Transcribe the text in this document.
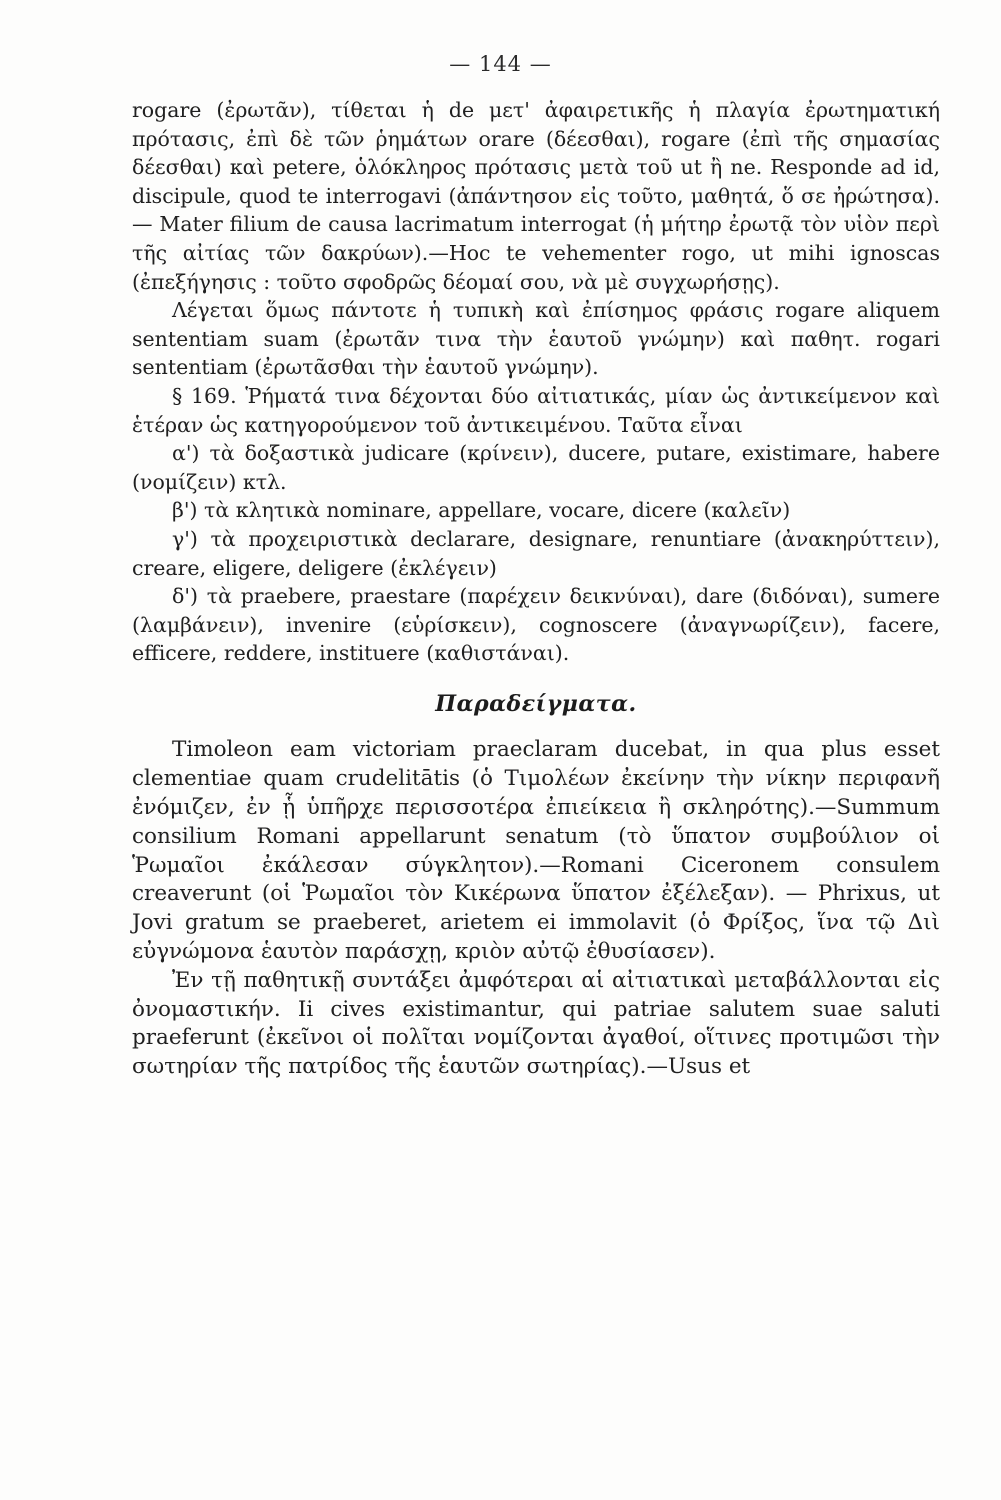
— 144 —

rogare (ἐρωτᾶν), τίθεται ἡ de μετ' ἀφαιρετικῆς ἡ πλαγία ἐρωτηματική πρότασις, ἐπὶ δὲ τῶν ῥημάτων orare (δέεσθαι), rogare (ἐπὶ τῆς σημασίας δέεσθαι) καὶ petere, ὁλόκληρος πρότασις μετὰ τοῦ ut ἢ ne. Responde ad id, discipule, quod te interrogavi (ἀπάντησον εἰς τοῦτο, μαθητά, ὅ σε ἠρώτησα). — Mater filium de causa lacrimatum interrogat (ἡ μήτηρ ἐρωτᾷ τὸν υἱὸν περὶ τῆς αἰτίας τῶν δακρύων).—Hoc te vehementer rogo, ut mihi ignoscas (ἐπεξήγησις : τοῦτο σφοδρῶς δέομαί σου, νὰ μὲ συγχωρήσῃς).

Λέγεται ὅμως πάντοτε ἡ τυπικὴ καὶ ἐπίσημος φράσις rogare aliquem sententiam suam (ἐρωτᾶν τινα τὴν ἑαυτοῦ γνώμην) καὶ παθητ. rogari sententiam (ἐρωτᾶσθαι τὴν ἑαυτοῦ γνώμην).

§ 169. Ῥήματά τινα δέχονται δύο αἰτιατικάς, μίαν ὡς ἀντικείμενον καὶ ἑτέραν ὡς κατηγορούμενον τοῦ ἀντικειμένου. Ταῦτα εἶναι

α') τὰ δοξαστικὰ judicare (κρίνειν), ducere, putare, existimare, habere (νομίζειν) κτλ.

β') τὰ κλητικὰ nominare, appellare, vocare, dicere (καλεῖν)

γ') τὰ προχειριστικὰ declarare, designare, renuntiare (ἀνακηρύττειν), creare, eligere, deligere (ἐκλέγειν)

δ') τὰ praebere, praestare (παρέχειν δεικνύναι), dare (διδόναι), sumere (λαμβάνειν), invenire (εὑρίσκειν), cognoscere (ἀναγνωρίζειν), facere, efficere, reddere, instituere (καθιστάναι).

Παραδείγματα.

Timoleon eam victoriam praeclaram ducebat, in qua plus esset clementiae quam crudelitātis (ὁ Τιμολέων ἐκείνην τὴν νίκην περιφανῆ ἐνόμιζεν, ἐν ᾗ ὑπῆρχε περισσοτέρα ἐπιείκεια ἢ σκληρότης).—Summum consilium Romani appellarunt senatum (τὸ ὕπατον συμβούλιον οἱ Ῥωμαῖοι ἐκάλεσαν σύγκλητον).—Romani Ciceronem consulem creaverunt (οἱ Ῥωμαῖοι τὸν Κικέρωνα ὕπατον ἐξέλεξαν). — Phrixus, ut Jovi gratum se praeberet, arietem ei immolavit (ὁ Φρίξος, ἵνα τῷ Διὶ εὐγνώμονα ἑαυτὸν παράσχῃ, κριὸν αὐτῷ ἐθυσίασεν).

Ἐν τῇ παθητικῇ συντάξει ἀμφότεραι αἱ αἰτιατικαὶ μεταβάλλονται εἰς ὀνομαστικήν. Ii cives existimantur, qui patriae salutem suae saluti praeferunt (ἐκεῖνοι οἱ πολῖται νομίζονται ἀγαθοί, οἵτινες προτιμῶσι τὴν σωτηρίαν τῆς πατρίδος τῆς ἑαυτῶν σωτηρίας).—Usus et
